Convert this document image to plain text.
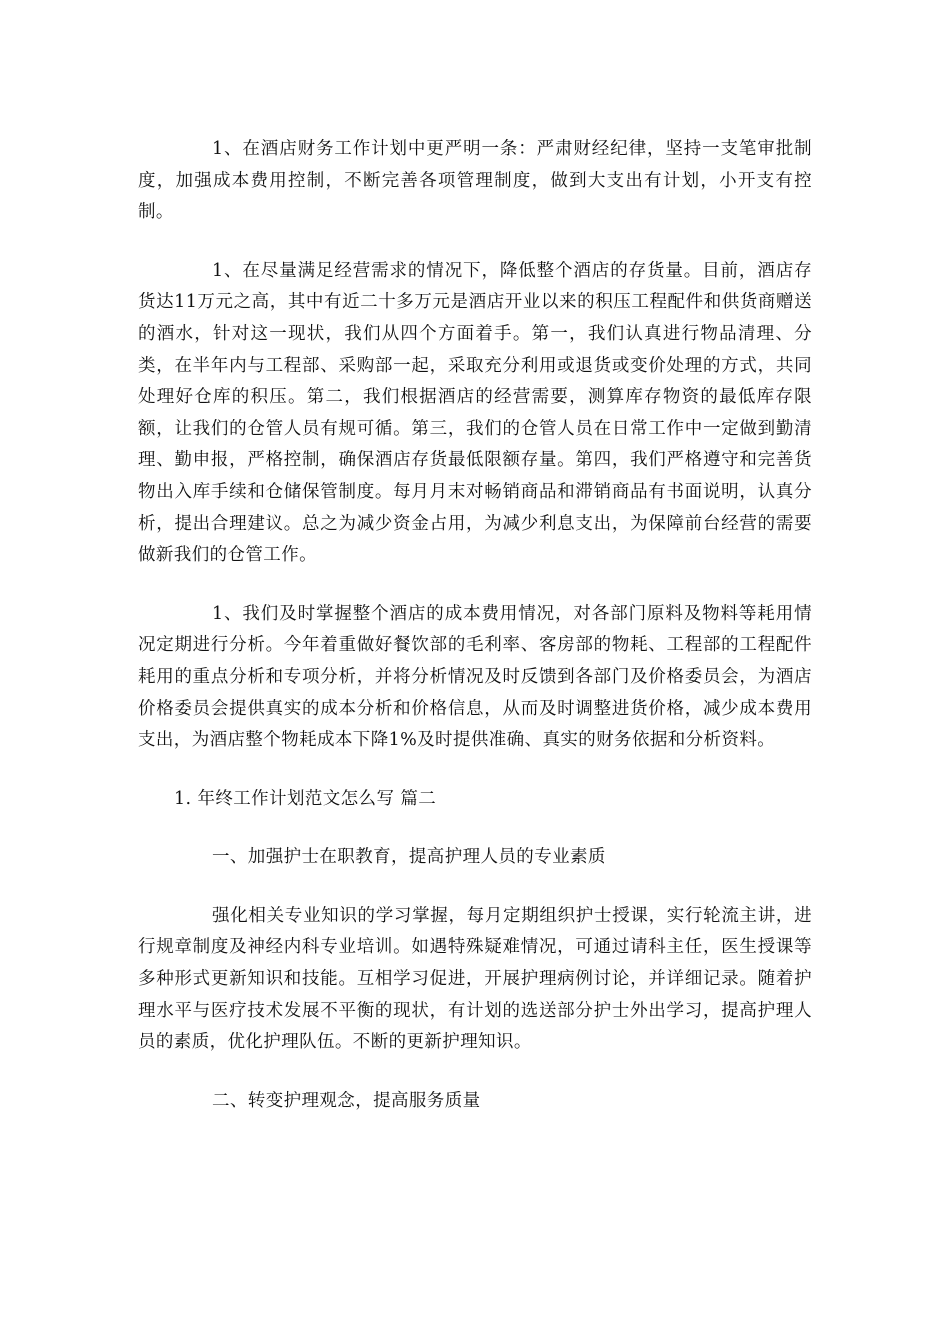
1、在酒店财务工作计划中更严明一条：严肃财经纪律，坚持一支笔审批制度，加强成本费用控制，不断完善各项管理制度，做到大支出有计划，小开支有控制。

1、在尽量满足经营需求的情况下，降低整个酒店的存货量。目前，酒店存货达11万元之高，其中有近二十多万元是酒店开业以来的积压工程配件和供货商赠送的酒水，针对这一现状，我们从四个方面着手。第一，我们认真进行物品清理、分类，在半年内与工程部、采购部一起，采取充分利用或退货或变价处理的方式，共同处理好仓库的积压。第二，我们根据酒店的经营需要，测算库存物资的最低库存限额，让我们的仓管人员有规可循。第三，我们的仓管人员在日常工作中一定做到勤清理、勤申报，严格控制，确保酒店存货最低限额存量。第四，我们严格遵守和完善货物出入库手续和仓储保管制度。每月月末对畅销商品和滞销商品有书面说明，认真分析，提出合理建议。总之为减少资金占用，为减少利息支出，为保障前台经营的需要做新我们的仓管工作。

1、我们及时掌握整个酒店的成本费用情况，对各部门原料及物料等耗用情况定期进行分析。今年着重做好餐饮部的毛利率、客房部的物耗、工程部的工程配件耗用的重点分析和专项分析，并将分析情况及时反馈到各部门及价格委员会，为酒店价格委员会提供真实的成本分析和价格信息，从而及时调整进货价格，减少成本费用支出，为酒店整个物耗成本下降1%及时提供准确、真实的财务依据和分析资料。

1. 年终工作计划范文怎么写 篇二
一、加强护士在职教育，提高护理人员的专业素质

强化相关专业知识的学习掌握，每月定期组织护士授课，实行轮流主讲，进行规章制度及神经内科专业培训。如遇特殊疑难情况，可通过请科主任，医生授课等多种形式更新知识和技能。互相学习促进，开展护理病例讨论，并详细记录。随着护理水平与医疗技术发展不平衡的现状，有计划的选送部分护士外出学习，提高护理人员的素质，优化护理队伍。不断的更新护理知识。

二、转变护理观念，提高服务质量
